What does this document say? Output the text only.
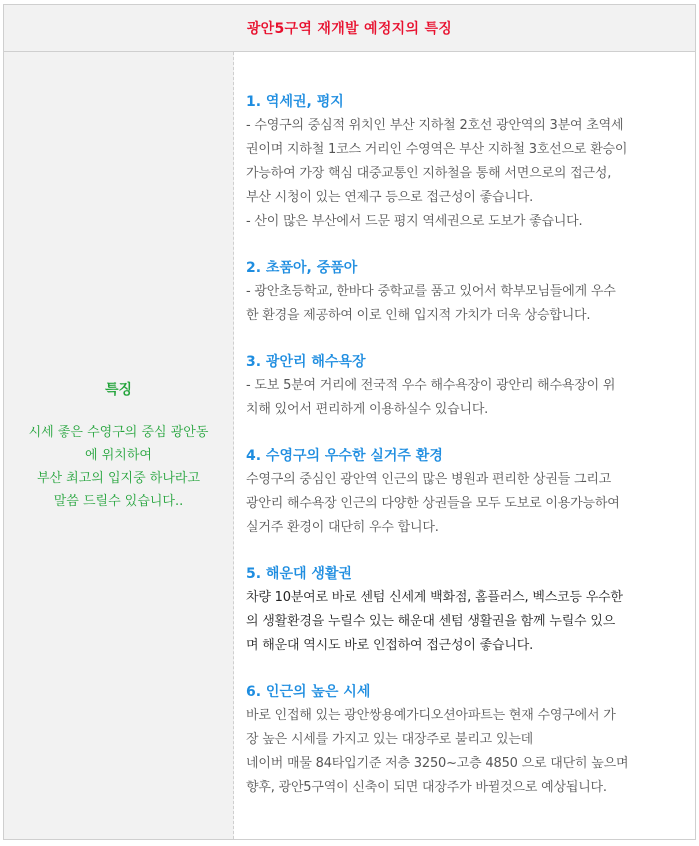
광안5구역 재개발 예정지의 특징
특징
시세 좋은 수영구의 중심 광안동
에 위치하여
부산 최고의 입지중 하나라고
말씀 드릴수 있습니다..
1. 역세권, 평지
- 수영구의 중심적 위치인 부산 지하철 2호선 광안역의 3분여 초역세
권이며 지하철 1코스 거리인 수영역은 부산 지하철 3호선으로 환승이
가능하여 가장 핵심 대중교통인 지하철을 통해 서면으로의 접근성,
부산 시청이 있는 연제구 등으로 접근성이 좋습니다.
- 산이 많은 부산에서 드문 평지 역세권으로 도보가 좋습니다.
2. 초품아, 중품아
- 광안초등학교, 한바다 중학교를 품고 있어서 학부모님들에게 우수
한 환경을 제공하여 이로 인해 입지적 가치가 더욱 상승합니다.
3. 광안리 해수욕장
- 도보 5분여 거리에 전국적 우수 해수욕장이 광안리 해수욕장이 위
치해 있어서 편리하게 이용하실수 있습니다.
4. 수영구의 우수한 실거주 환경
수영구의 중심인 광안역 인근의 많은 병원과 편리한 상권들 그리고
광안리 해수욕장 인근의 다양한 상권들을 모두 도보로 이용가능하여
실거주 환경이 대단히 우수 합니다.
5. 해운대 생활권
차량 10분여로 바로 센텀 신세계 백화점, 홈플러스, 벡스코등 우수한
의 생활환경을 누릴수 있는 해운대 센텀 생활권을 함께 누릴수 있으
며 해운대 역시도 바로 인접하여 접근성이 좋습니다.
6. 인근의 높은 시세
바로 인접해 있는 광안쌍용예가디오션아파트는 현재 수영구에서 가
장 높은 시세를 가지고 있는 대장주로 불리고 있는데
네이버 매물 84타입기준 저층 3250~고층 4850 으로 대단히 높으며
향후, 광안5구역이 신축이 되면 대장주가 바뀔것으로 예상됩니다.
